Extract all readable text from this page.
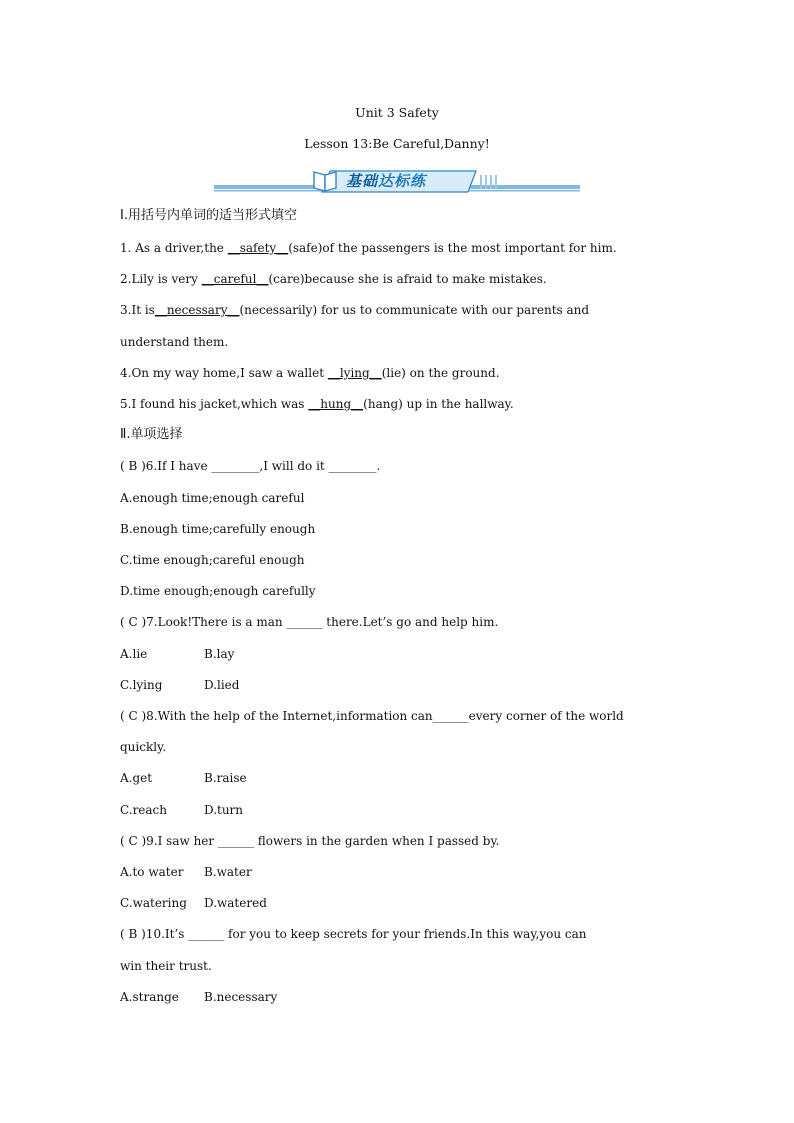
Unit 3 Safety
Lesson 13:Be Careful,Danny!
基础达标练
Ⅰ.用括号内单词的适当形式填空
1. As a driver,the __safety__(safe)of the passengers is the most important for him.
2.Lily is very __careful__(care)because she is afraid to make mistakes.
3.It is__necessary__(necessarily) for us to communicate with our parents and
understand them.
4.On my way home,I saw a wallet __lying__(lie) on the ground.
5.I found his jacket,which was __hung__(hang) up in the hallway.
Ⅱ.单项选择
( B )6.If I have ________,I will do it ________.
A.enough time;enough careful
B.enough time;carefully enough
C.time enough;careful enough
D.time enough;enough carefully
( C )7.Look!There is a man ______ there.Let’s go and help him.
A.lie	B.lay
C.lying	D.lied
( C )8.With the help of the Internet,information can______every corner of the world
quickly.
A.get	B.raise
C.reach	D.turn
( C )9.I saw her ______ flowers in the garden when I passed by.
A.to water B.water
C.watering D.watered
( B )10.It’s ______ for you to keep secrets for your friends.In this way,you can
win their trust.
A.strange B.necessary
